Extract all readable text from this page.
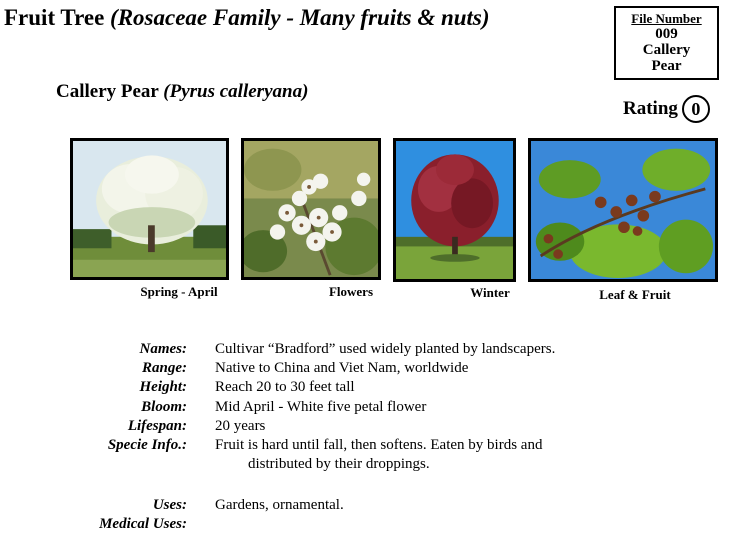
Fruit Tree (Rosaceae Family - Many fruits & nuts)	File Number
009
Callery
Pear
Callery Pear (Pyrus calleryana)
Rating 0
Spring - April	Flowers	Winter	Leaf & Fruit
Names: Cultivar “Bradford” used widely planted by landscapers.
Range: Native to China and Viet Nam, worldwide
Height: Reach 20 to 30 feet tall
Bloom: Mid April - White five petal flower
Lifespan: 20 years
Specie Info.: Fruit is hard until fall, then softens. Eaten by birds and
distributed by their droppings.
Uses: Gardens, ornamental.
Medical Uses:
